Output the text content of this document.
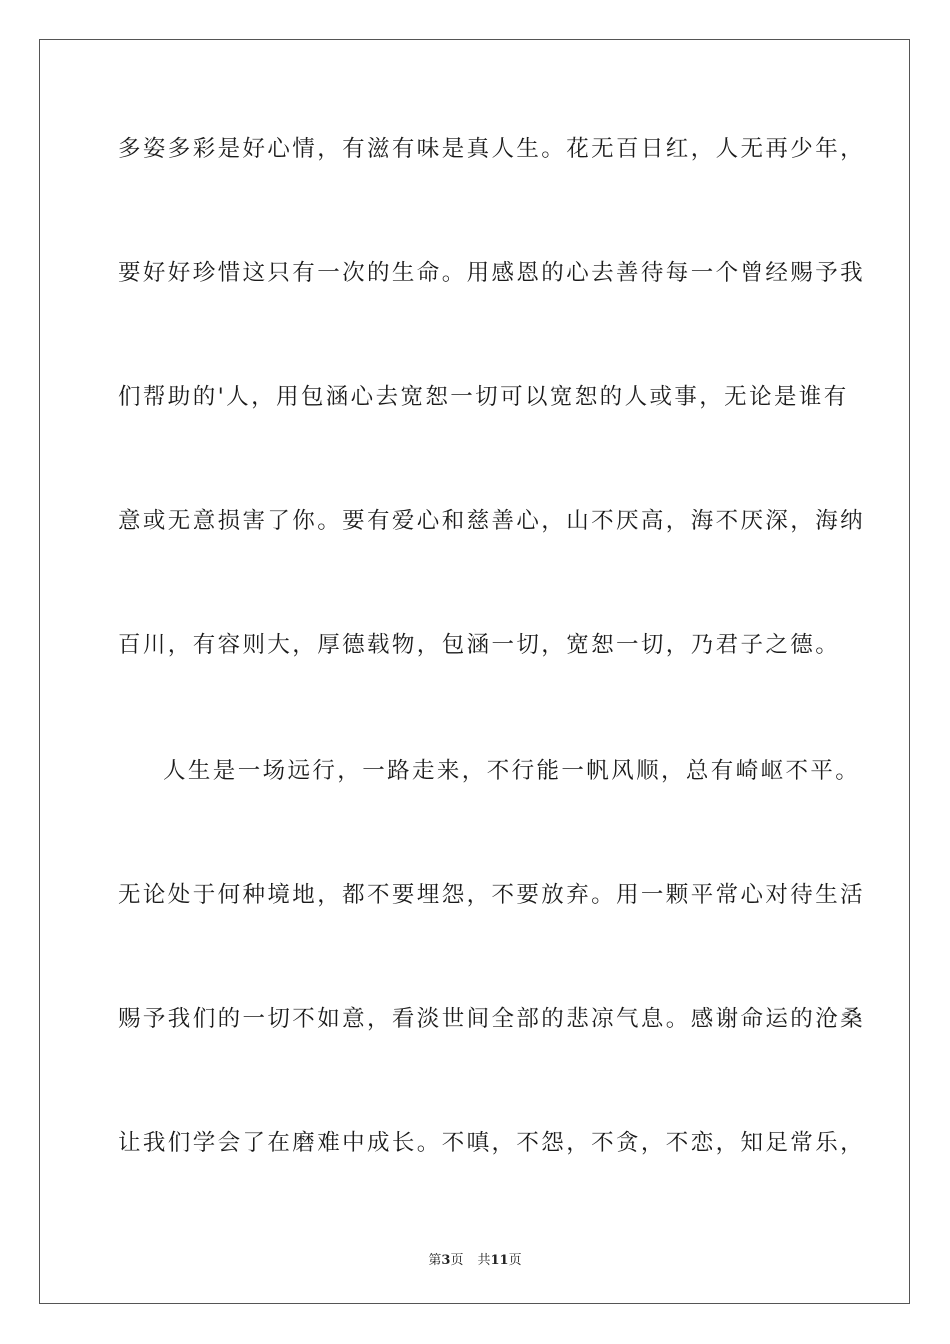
多姿多彩是好心情，有滋有味是真人生。花无百日红，人无再少年，
要好好珍惜这只有一次的生命。用感恩的心去善待每一个曾经赐予我
们帮助的'人，用包涵心去宽恕一切可以宽恕的人或事，无论是谁有
意或无意损害了你。要有爱心和慈善心，山不厌高，海不厌深，海纳
百川，有容则大，厚德载物，包涵一切，宽恕一切，乃君子之德。
人生是一场远行，一路走来，不行能一帆风顺，总有崎岖不平。
无论处于何种境地，都不要埋怨，不要放弃。用一颗平常心对待生活
赐予我们的一切不如意，看淡世间全部的悲凉气息。感谢命运的沧桑
让我们学会了在磨难中成长。不嗔，不怨，不贪，不恋，知足常乐，
第3页 共11页
